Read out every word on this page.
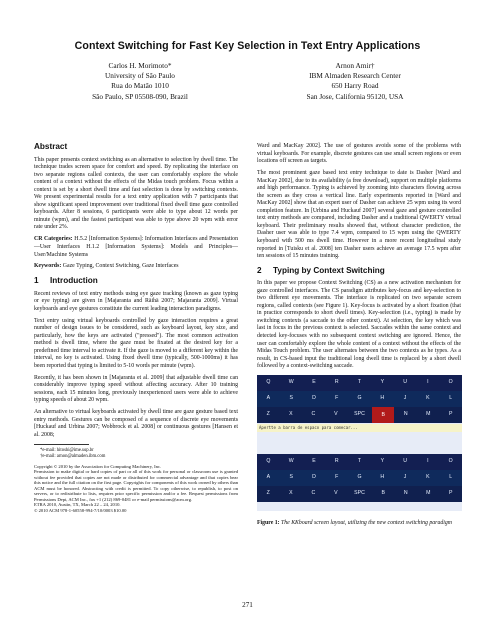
Context Switching for Fast Key Selection in Text Entry Applications
Carlos H. Morimoto*
University of São Paulo
Rua do Matão 1010
São Paulo, SP 05508-090, Brazil
Arnon Amir†
IBM Almaden Research Center
650 Harry Road
San Jose, California 95120, USA
Abstract

This paper presents context switching as an alternative to selection by dwell time. The technique trades screen space for comfort and speed. By replicating the interface on two separate regions called contexts, the user can comfortably explore the whole content of a context without the effects of the Midas touch problem. Focus within a context is set by a short dwell time and fast selection is done by switching contexts. We present experimental results for a text entry application with 7 participants that show significant speed improvement over traditional fixed dwell time gaze controlled keyboards. After 8 sessions, 6 participants were able to type about 12 words per minute (wpm), and the fastest participant was able to type above 20 wpm with error rate under 2%.

CR Categories: H.5.2 [Information Systems]: Information Interfaces and Presentation—User Interfaces H.1.2 [Information Systems]: Models and Principles—User/Machine Systems

Keywords: Gaze Typing, Context Switching, Gaze Interfaces

1 Introduction

Recent reviews of text entry methods using eye gaze tracking (known as gaze typing or eye typing) are given in [Majaranta and Räihä 2007; Majaranta 2009]. Virtual keyboards and eye gestures constitute the current leading interaction paradigms.

Text entry using virtual keyboards controlled by gaze interaction requires a great number of design issues to be considered, such as keyboard layout, key size, and particularly, how the keys are activated ("pressed"). The most common activation method is dwell time, where the gaze must be fixated at the desired key for a predefined time interval to activate it. If the gaze is moved to a different key within the interval, no key is activated. Using fixed dwell time (typically, 500-1000ms) it has been reported that typing is limited to 5-10 words per minute (wpm).

Recently, it has been shown in [Majaranta et al. 2009] that adjustable dwell time can considerably improve typing speed without affecting accuracy. After 10 training sessions, each 15 minutes long, previously inexperienced users were able to achieve typing speeds of about 20 wpm.

An alternative to virtual keyboards activated by dwell time are gaze gesture based text entry methods. Gestures can be composed of a sequence of discrete eye movements [Huckauf and Urbina 2007; Wobbrock et al. 2008] or continuous gestures [Hansen et al. 2008;

*e-mail: hitoshi@ime.usp.br
†e-mail: arnon@almaden.ibm.com

Copyright © 2010 by the Association for Computing Machinery, Inc.

Permission to make digital or hard copies of part or all of this work for personal or classroom use is granted without fee provided that copies are not made or distributed for commercial advantage and that copies bear this notice and the full citation on the first page. Copyrights for components of this work owned by others than ACM must be honored. Abstracting with credit is permitted. To copy otherwise, to republish, to post on servers, or to redistribute to lists, requires prior specific permission and/or a fee. Request permissions from Permissions Dept, ACM Inc., fax +1 (212) 869-0481 or e-mail permissions@acm.org.

ETRA 2010, Austin, TX, March 22 – 24, 2010.

© 2010 ACM 978-1-60558-994-7/10/0003 $10.00

Ward and MacKay 2002]. The use of gestures avoids some of the problems with virtual keyboards. For example, discrete gestures can use small screen regions or even locations off screen as targets.

The most prominent gaze based text entry technique to date is Dasher [Ward and MacKay 2002], due to its availability (a free download), support on multiple platforms and high performance. Typing is achieved by zooming into characters flowing across the screen as they cross a vertical line. Early experiments reported in [Ward and MacKay 2002] show that an expert user of Dasher can achieve 25 wpm using its word completion feature. In [Urbina and Huckauf 2007] several gaze and gesture controlled text entry methods are compared, including Dasher and a traditional QWERTY virtual keyboard. Their preliminary results showed that, without character prediction, the Dasher user was able to type 7.4 wpm, compared to 15 wpm using the QWERTY keyboard with 500 ms dwell time. However in a more recent longitudinal study reported in [Tuisku et al. 2008] ten Dasher users achieve an average 17.5 wpm after ten sessions of 15 minutes training.

2 Typing by Context Switching

In this paper we propose Context Switching (CS) as a new activation mechanism for gaze controlled interfaces. The CS paradigm attributes key-focus and key-selection to two different eye movements. The interface is replicated on two separate screen regions, called contexts (see Figure 1). Key-focus is activated by a short fixation (that in practice corresponds to short dwell times). Key-selection (i.e., typing) is made by switching contexts (a saccade to the other context). At selection, the key which was last in focus in the previous context is selected. Saccades within the same context and detected key-focuses with no subsequent context switching are ignored. Hence, the user can comfortably explore the whole content of a context without the effects of the Midas Touch problem. The user alternates between the two contexts as he types. As a result, in CS-based input the traditional long dwell time is replaced by a short dwell followed by a context-switching saccade.

Q	W	E	R	T	Y	U	I	O
A	S	D	F	G	H	J	K	L
Z	X	C	V	SPC	B	N	M	P
Apertte a barra de espaco para comecar...
Q	W	E	R	T	Y	U	I	O
A	S	D	F	G	H	J	K	L
Z	X	C	V	SPC	B	N	M	P
Figure 1: The KKboard screen layout, utilizing the new context switching paradigm
271
